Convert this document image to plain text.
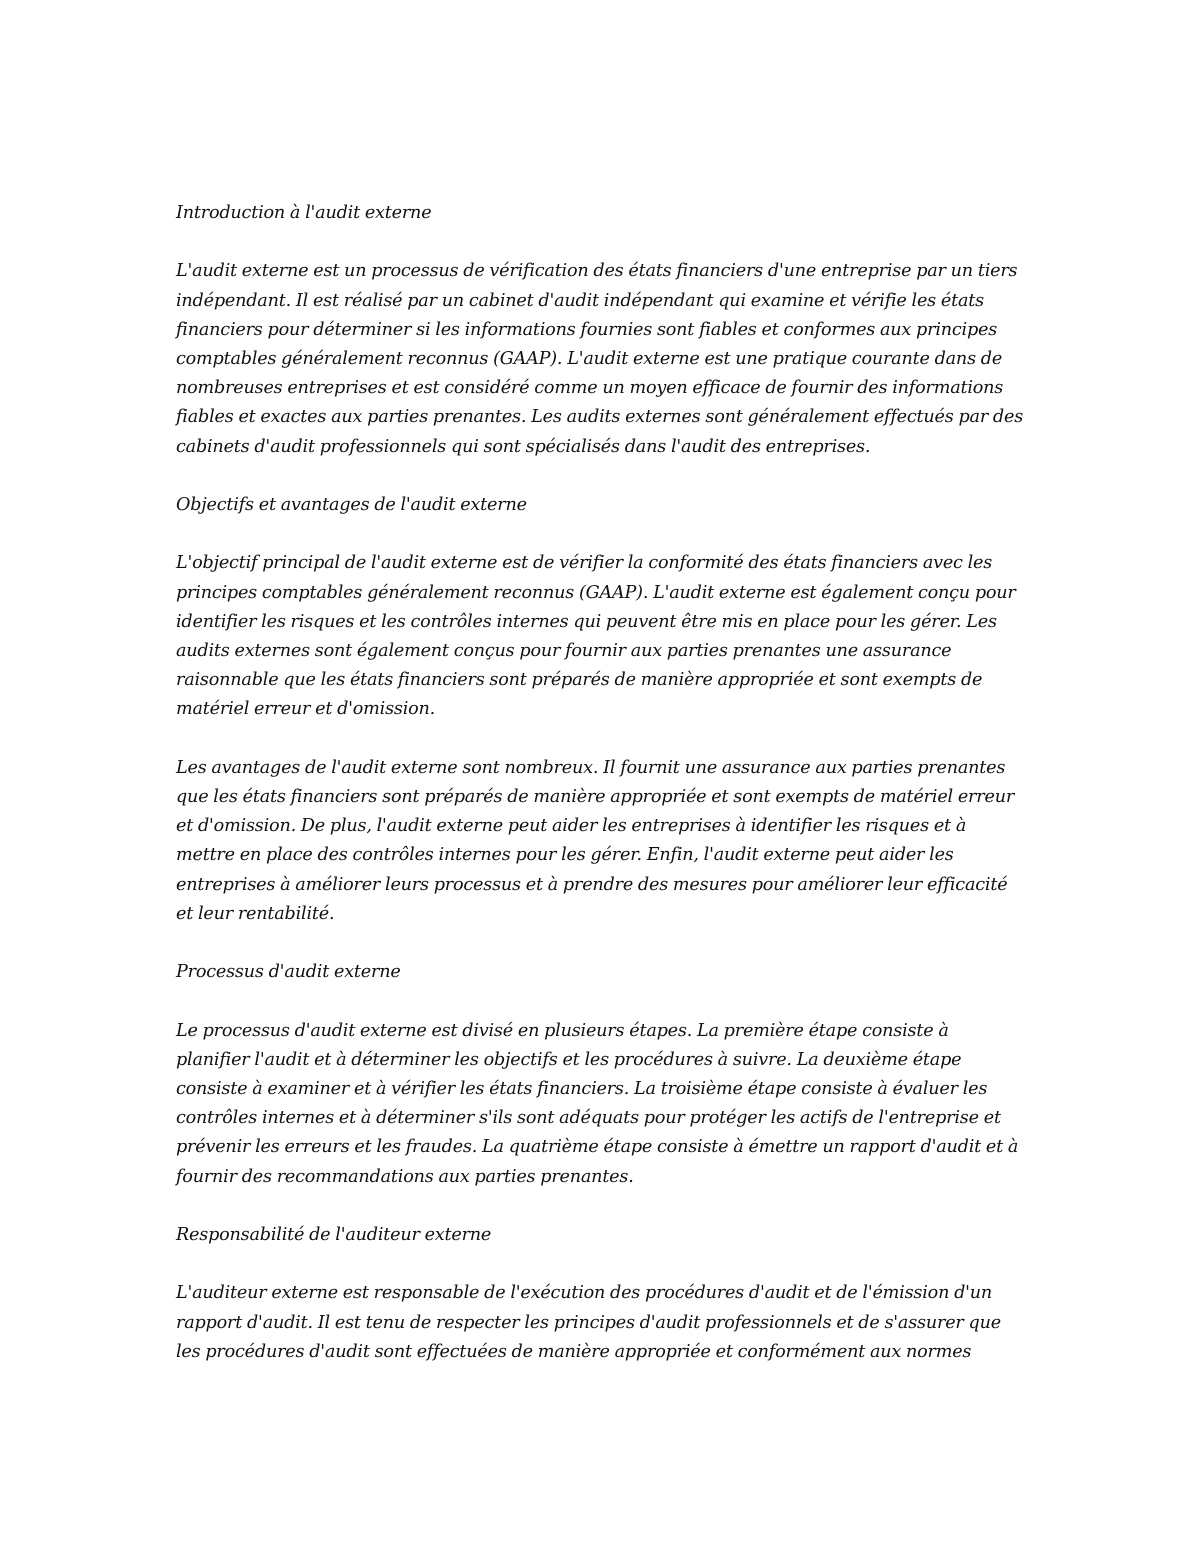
Introduction à l'audit externe

L'audit externe est un processus de vérification des états financiers d'une entreprise par un tiers indépendant. Il est réalisé par un cabinet d'audit indépendant qui examine et vérifie les états financiers pour déterminer si les informations fournies sont fiables et conformes aux principes comptables généralement reconnus (GAAP). L'audit externe est une pratique courante dans de nombreuses entreprises et est considéré comme un moyen efficace de fournir des informations fiables et exactes aux parties prenantes. Les audits externes sont généralement effectués par des cabinets d'audit professionnels qui sont spécialisés dans l'audit des entreprises.

Objectifs et avantages de l'audit externe

L'objectif principal de l'audit externe est de vérifier la conformité des états financiers avec les principes comptables généralement reconnus (GAAP). L'audit externe est également conçu pour identifier les risques et les contrôles internes qui peuvent être mis en place pour les gérer. Les audits externes sont également conçus pour fournir aux parties prenantes une assurance raisonnable que les états financiers sont préparés de manière appropriée et sont exempts de matériel erreur et d'omission.

Les avantages de l'audit externe sont nombreux. Il fournit une assurance aux parties prenantes que les états financiers sont préparés de manière appropriée et sont exempts de matériel erreur et d'omission. De plus, l'audit externe peut aider les entreprises à identifier les risques et à mettre en place des contrôles internes pour les gérer. Enfin, l'audit externe peut aider les entreprises à améliorer leurs processus et à prendre des mesures pour améliorer leur efficacité et leur rentabilité.

Processus d'audit externe

Le processus d'audit externe est divisé en plusieurs étapes. La première étape consiste à planifier l'audit et à déterminer les objectifs et les procédures à suivre. La deuxième étape consiste à examiner et à vérifier les états financiers. La troisième étape consiste à évaluer les contrôles internes et à déterminer s'ils sont adéquats pour protéger les actifs de l'entreprise et prévenir les erreurs et les fraudes. La quatrième étape consiste à émettre un rapport d'audit et à fournir des recommandations aux parties prenantes.

Responsabilité de l'auditeur externe

L'auditeur externe est responsable de l'exécution des procédures d'audit et de l'émission d'un rapport d'audit. Il est tenu de respecter les principes d'audit professionnels et de s'assurer que les procédures d'audit sont effectuées de manière appropriée et conformément aux normes
